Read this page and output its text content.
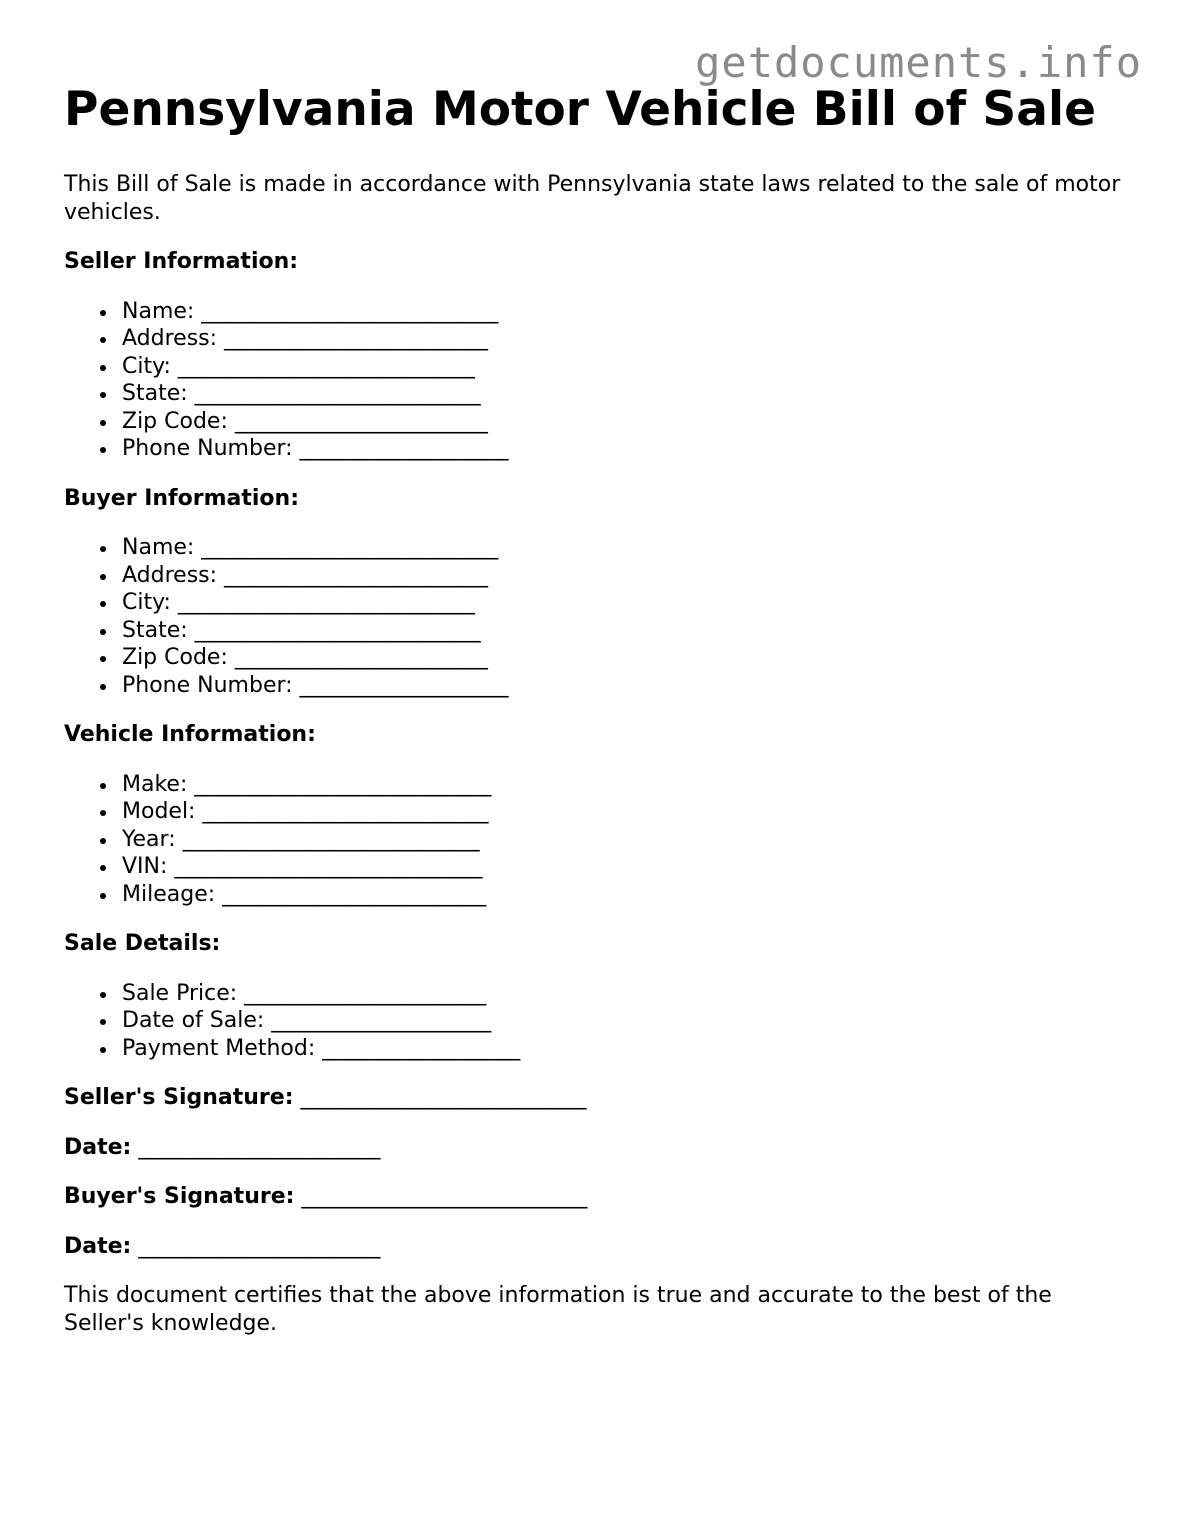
getdocuments.info
Pennsylvania Motor Vehicle Bill of Sale

This Bill of Sale is made in accordance with Pennsylvania state laws related to the sale of motor vehicles.

Seller Information:
Name: ___________________________
Address: ________________________
City: ___________________________
State: __________________________
Zip Code: _______________________
Phone Number: ___________________
Buyer Information:
Name: ___________________________
Address: ________________________
City: ___________________________
State: __________________________
Zip Code: _______________________
Phone Number: ___________________
Vehicle Information:
Make: ___________________________
Model: __________________________
Year: ___________________________
VIN: ____________________________
Mileage: ________________________
Sale Details:
Sale Price: ______________________
Date of Sale: ____________________
Payment Method: __________________
Seller's Signature: __________________________
Date: ______________________
Buyer's Signature: __________________________
Date: ______________________

This document certifies that the above information is true and accurate to the best of the Seller's knowledge.
